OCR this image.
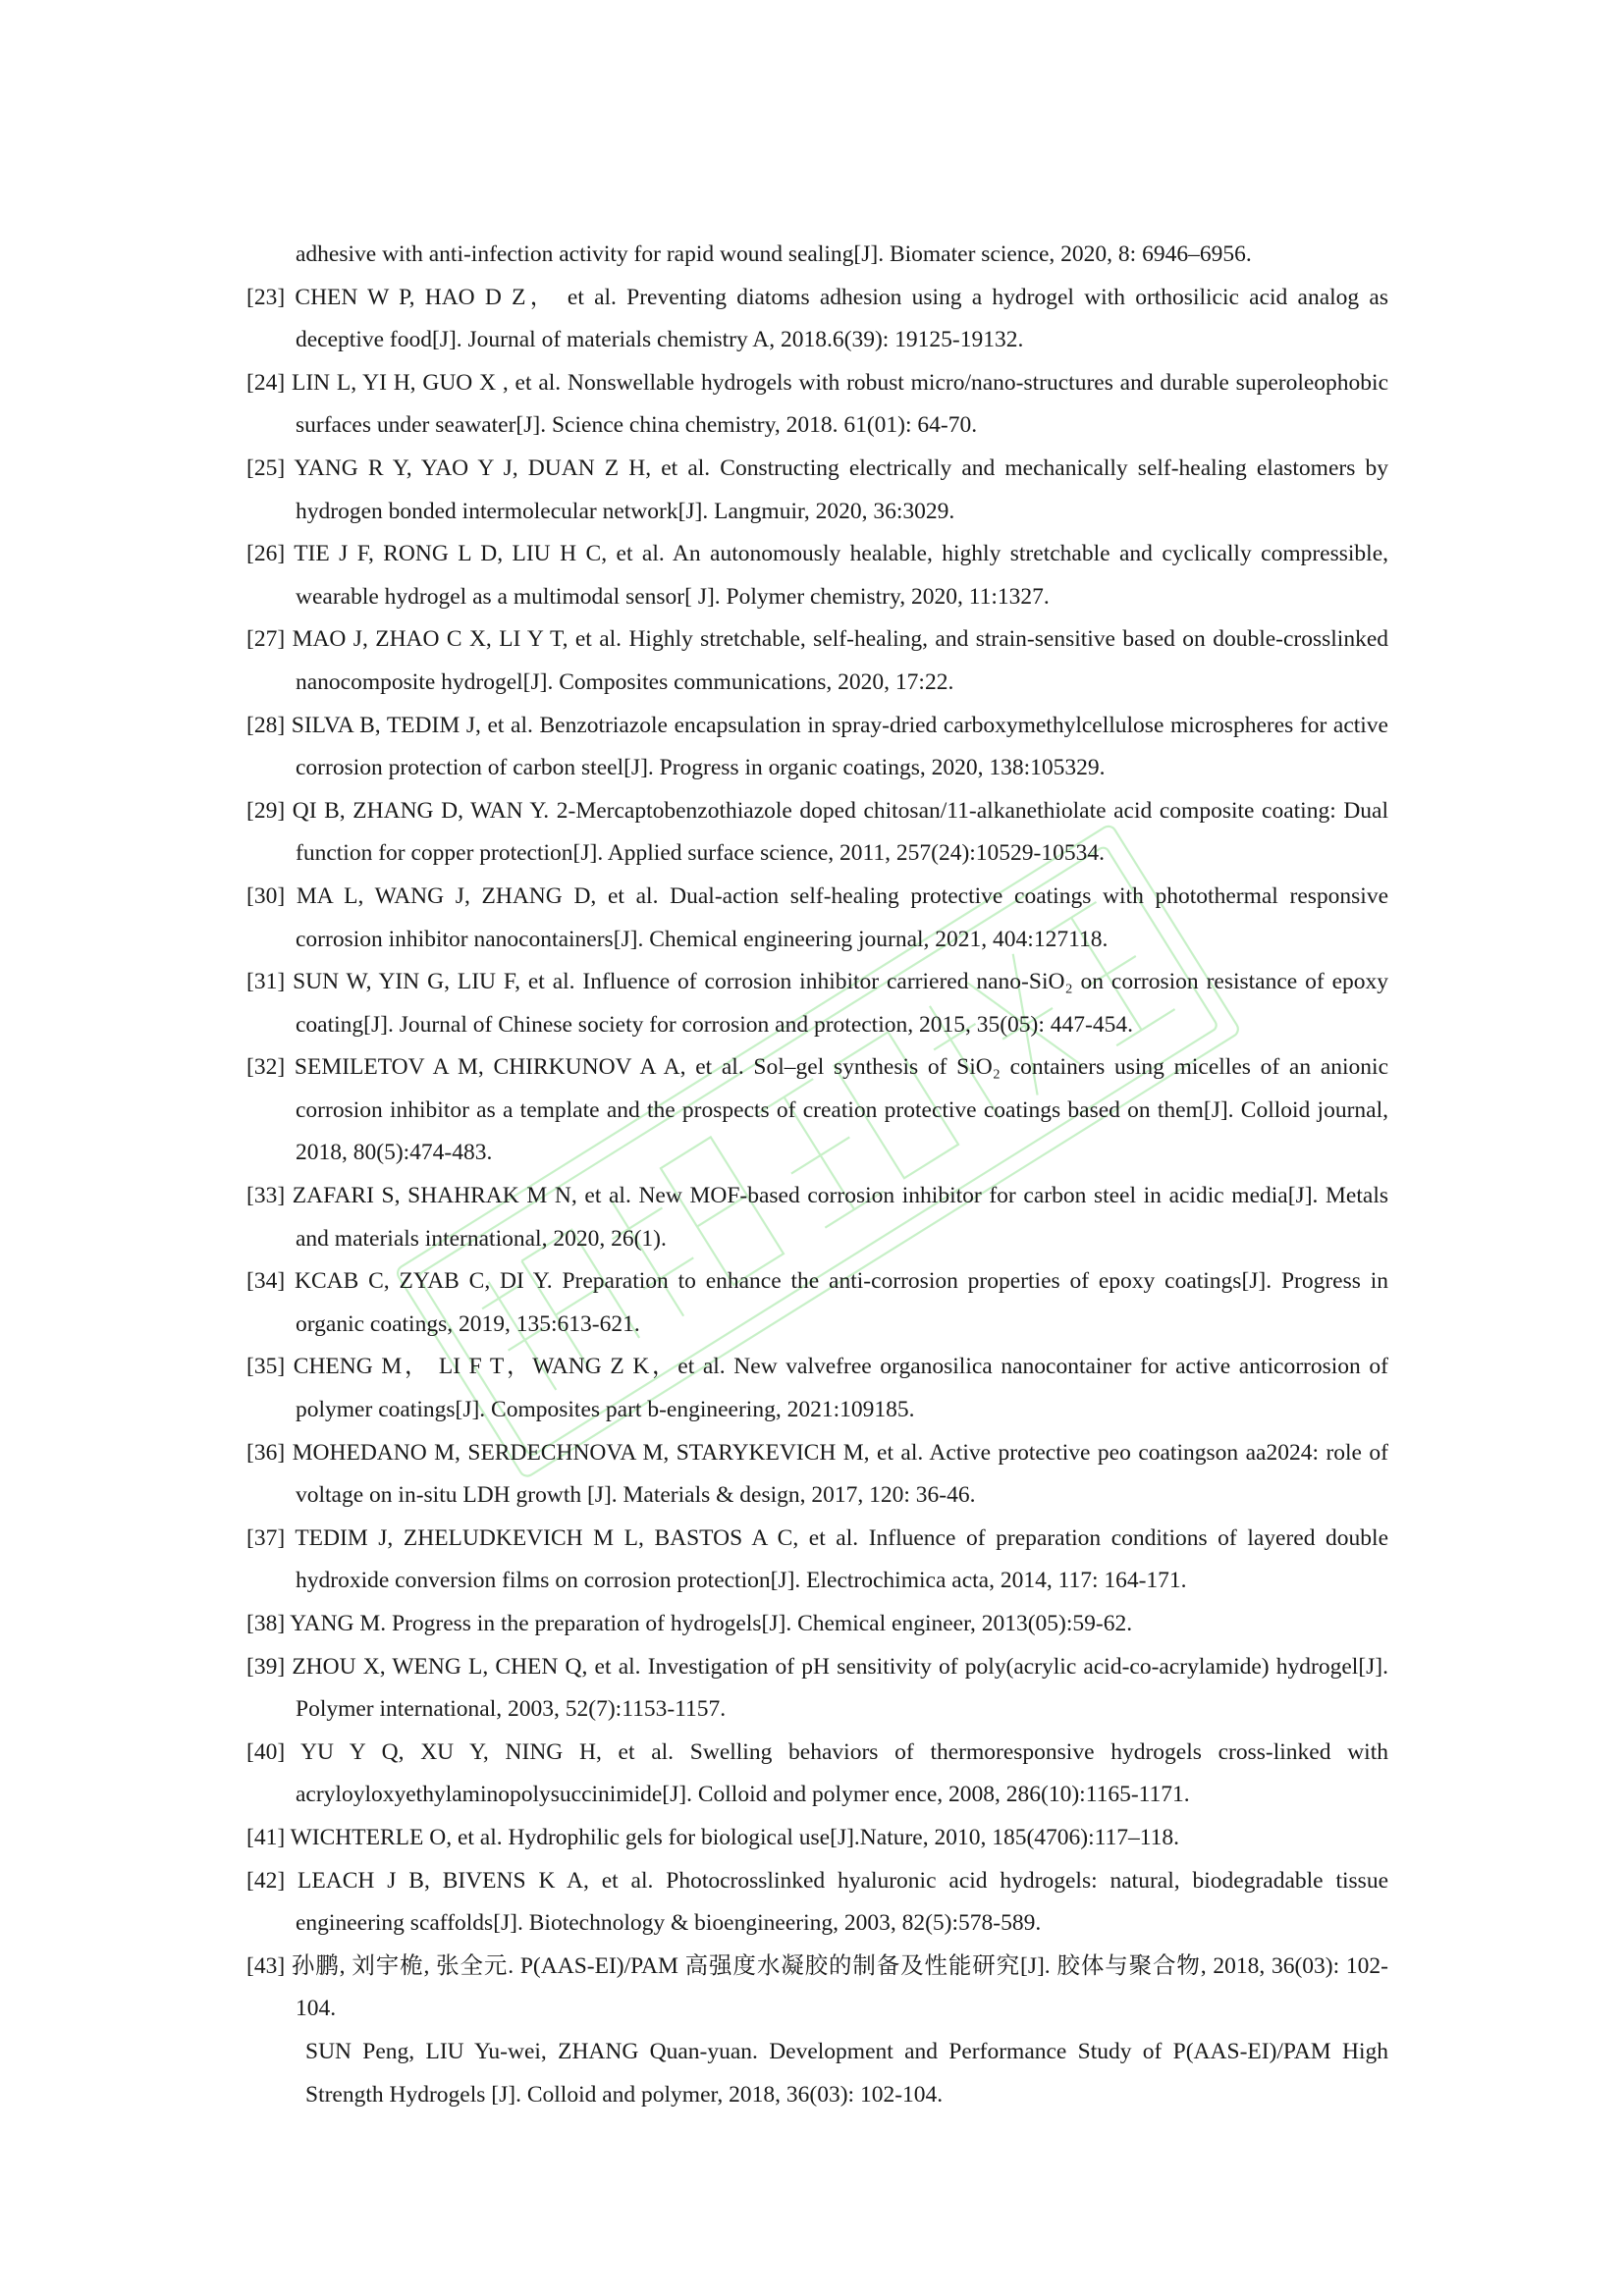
adhesive with anti-infection activity for rapid wound sealing[J]. Biomater science, 2020, 8: 6946–6956.

[23] CHEN W P, HAO D Z， et al. Preventing diatoms adhesion using a hydrogel with orthosilicic acid analog as deceptive food[J]. Journal of materials chemistry A, 2018.6(39): 19125-19132.

[24] LIN L, YI H, GUO X , et al. Nonswellable hydrogels with robust micro/nano-structures and durable superoleophobic surfaces under seawater[J]. Science china chemistry, 2018. 61(01): 64-70.

[25] YANG R Y, YAO Y J, DUAN Z H, et al. Constructing electrically and mechanically self-healing elastomers by hydrogen bonded intermolecular network[J]. Langmuir, 2020, 36:3029.

[26] TIE J F, RONG L D, LIU H C, et al. An autonomously healable, highly stretchable and cyclically compressible, wearable hydrogel as a multimodal sensor[ J]. Polymer chemistry, 2020, 11:1327.

[27] MAO J, ZHAO C X, LI Y T, et al. Highly stretchable, self-healing, and strain-sensitive based on double-crosslinked nanocomposite hydrogel[J]. Composites communications, 2020, 17:22.

[28] SILVA B, TEDIM J, et al. Benzotriazole encapsulation in spray-dried carboxymethylcellulose microspheres for active corrosion protection of carbon steel[J]. Progress in organic coatings, 2020, 138:105329.

[29] QI B, ZHANG D, WAN Y. 2-Mercaptobenzothiazole doped chitosan/11-alkanethiolate acid composite coating: Dual function for copper protection[J]. Applied surface science, 2011, 257(24):10529-10534.

[30] MA L, WANG J, ZHANG D, et al. Dual-action self-healing protective coatings with photothermal responsive corrosion inhibitor nanocontainers[J]. Chemical engineering journal, 2021, 404:127118.

[31] SUN W, YIN G, LIU F, et al. Influence of corrosion inhibitor carriered nano-SiO₂ on corrosion resistance of epoxy coating[J]. Journal of Chinese society for corrosion and protection, 2015, 35(05): 447-454.

[32] SEMILETOV A M, CHIRKUNOV A A, et al. Sol–gel synthesis of SiO₂ containers using micelles of an anionic corrosion inhibitor as a template and the prospects of creation protective coatings based on them[J]. Colloid journal, 2018, 80(5):474-483.

[33] ZAFARI S, SHAHRAK M N, et al. New MOF-based corrosion inhibitor for carbon steel in acidic media[J]. Metals and materials international, 2020, 26(1).

[34] KCAB C, ZYAB C, DI Y. Preparation to enhance the anti-corrosion properties of epoxy coatings[J]. Progress in organic coatings, 2019, 135:613-621.

[35] CHENG M， LI F T，WANG Z K，et al. New valvefree organosilica nanocontainer for active anticorrosion of polymer coatings[J]. Composites part b-engineering, 2021:109185.

[36] MOHEDANO M, SERDECHNOVA M, STARYKEVICH M, et al. Active protective peo coatingson aa2024: role of voltage on in-situ LDH growth [J]. Materials & design, 2017, 120: 36-46.

[37] TEDIM J, ZHELUDKEVICH M L, BASTOS A C, et al. Influence of preparation conditions of layered double hydroxide conversion films on corrosion protection[J]. Electrochimica acta, 2014, 117: 164-171.

[38] YANG M. Progress in the preparation of hydrogels[J]. Chemical engineer, 2013(05):59-62.

[39] ZHOU X, WENG L, CHEN Q, et al. Investigation of pH sensitivity of poly(acrylic acid-co-acrylamide) hydrogel[J]. Polymer international, 2003, 52(7):1153-1157.

[40] YU Y Q, XU Y, NING H, et al. Swelling behaviors of thermoresponsive hydrogels cross-linked with acryloyloxyethylaminopolysuccinimide[J]. Colloid and polymer ence, 2008, 286(10):1165-1171.

[41] WICHTERLE O, et al. Hydrophilic gels for biological use[J].Nature, 2010, 185(4706):117–118.

[42] LEACH J B, BIVENS K A, et al. Photocrosslinked hyaluronic acid hydrogels: natural, biodegradable tissue engineering scaffolds[J]. Biotechnology & bioengineering, 2003, 82(5):578-589.

[43] 孙鹏, 刘宇桅, 张全元. P(AAS-EI)/PAM 高强度水凝胶的制备及性能研究[J]. 胶体与聚合物, 2018, 36(03): 102-104.

SUN Peng, LIU Yu-wei, ZHANG Quan-yuan. Development and Performance Study of P(AAS-EI)/PAM High Strength Hydrogels [J]. Colloid and polymer, 2018, 36(03): 102-104.
